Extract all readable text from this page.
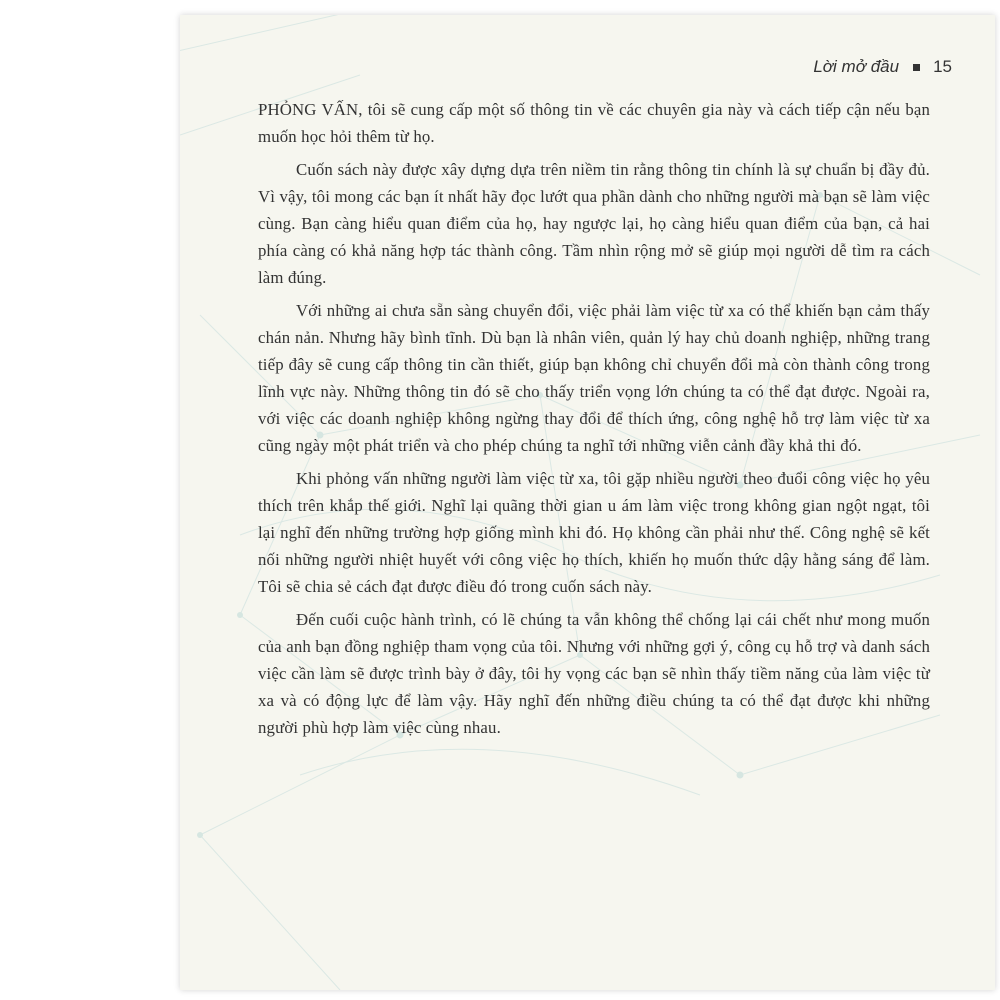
Lời mở đầu 15

PHỎNG VẤN, tôi sẽ cung cấp một số thông tin về các chuyên gia này và cách tiếp cận nếu bạn muốn học hỏi thêm từ họ.

Cuốn sách này được xây dựng dựa trên niềm tin rằng thông tin chính là sự chuẩn bị đầy đủ. Vì vậy, tôi mong các bạn ít nhất hãy đọc lướt qua phần dành cho những người mà bạn sẽ làm việc cùng. Bạn càng hiểu quan điểm của họ, hay ngược lại, họ càng hiểu quan điểm của bạn, cả hai phía càng có khả năng hợp tác thành công. Tầm nhìn rộng mở sẽ giúp mọi người dễ tìm ra cách làm đúng.

Với những ai chưa sẵn sàng chuyển đổi, việc phải làm việc từ xa có thể khiến bạn cảm thấy chán nản. Nhưng hãy bình tĩnh. Dù bạn là nhân viên, quản lý hay chủ doanh nghiệp, những trang tiếp đây sẽ cung cấp thông tin cần thiết, giúp bạn không chỉ chuyển đổi mà còn thành công trong lĩnh vực này. Những thông tin đó sẽ cho thấy triển vọng lớn chúng ta có thể đạt được. Ngoài ra, với việc các doanh nghiệp không ngừng thay đổi để thích ứng, công nghệ hỗ trợ làm việc từ xa cũng ngày một phát triển và cho phép chúng ta nghĩ tới những viễn cảnh đầy khả thi đó.

Khi phỏng vấn những người làm việc từ xa, tôi gặp nhiều người theo đuổi công việc họ yêu thích trên khắp thế giới. Nghĩ lại quãng thời gian u ám làm việc trong không gian ngột ngạt, tôi lại nghĩ đến những trường hợp giống mình khi đó. Họ không cần phải như thế. Công nghệ sẽ kết nối những người nhiệt huyết với công việc họ thích, khiến họ muốn thức dậy hằng sáng để làm. Tôi sẽ chia sẻ cách đạt được điều đó trong cuốn sách này.

Đến cuối cuộc hành trình, có lẽ chúng ta vẫn không thể chống lại cái chết như mong muốn của anh bạn đồng nghiệp tham vọng của tôi. Nhưng với những gợi ý, công cụ hỗ trợ và danh sách việc cần làm sẽ được trình bày ở đây, tôi hy vọng các bạn sẽ nhìn thấy tiềm năng của làm việc từ xa và có động lực để làm vậy. Hãy nghĩ đến những điều chúng ta có thể đạt được khi những người phù hợp làm việc cùng nhau.
